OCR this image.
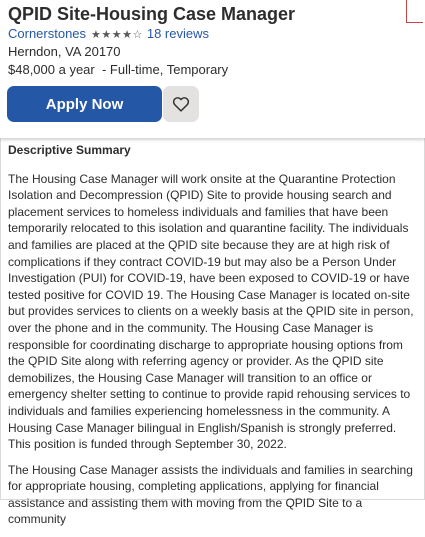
QPID Site-Housing Case Manager
Cornerstones ★★★★☆ 18 reviews
Herndon, VA 20170
$48,000 a year  - Full-time, Temporary
Apply Now
Descriptive Summary

The Housing Case Manager will work onsite at the Quarantine Protection Isolation and Decompression (QPID) Site to provide housing search and placement services to homeless individuals and families that have been temporarily relocated to this isolation and quarantine facility. The individuals and families are placed at the QPID site because they are at high risk of complications if they contract COVID-19 but may also be a Person Under Investigation (PUI) for COVID-19, have been exposed to COVID-19 or have tested positive for COVID 19. The Housing Case Manager is located on-site but provides services to clients on a weekly basis at the QPID site in person, over the phone and in the community. The Housing Case Manager is responsible for coordinating discharge to appropriate housing options from the QPID Site along with referring agency or provider. As the QPID site demobilizes, the Housing Case Manager will transition to an office or emergency shelter setting to continue to provide rapid rehousing services to individuals and families experiencing homelessness in the community. A Housing Case Manager bilingual in English/Spanish is strongly preferred. This position is funded through September 30, 2022.

The Housing Case Manager assists the individuals and families in searching for appropriate housing, completing applications, applying for financial assistance and assisting them with moving from the QPID Site to a community
